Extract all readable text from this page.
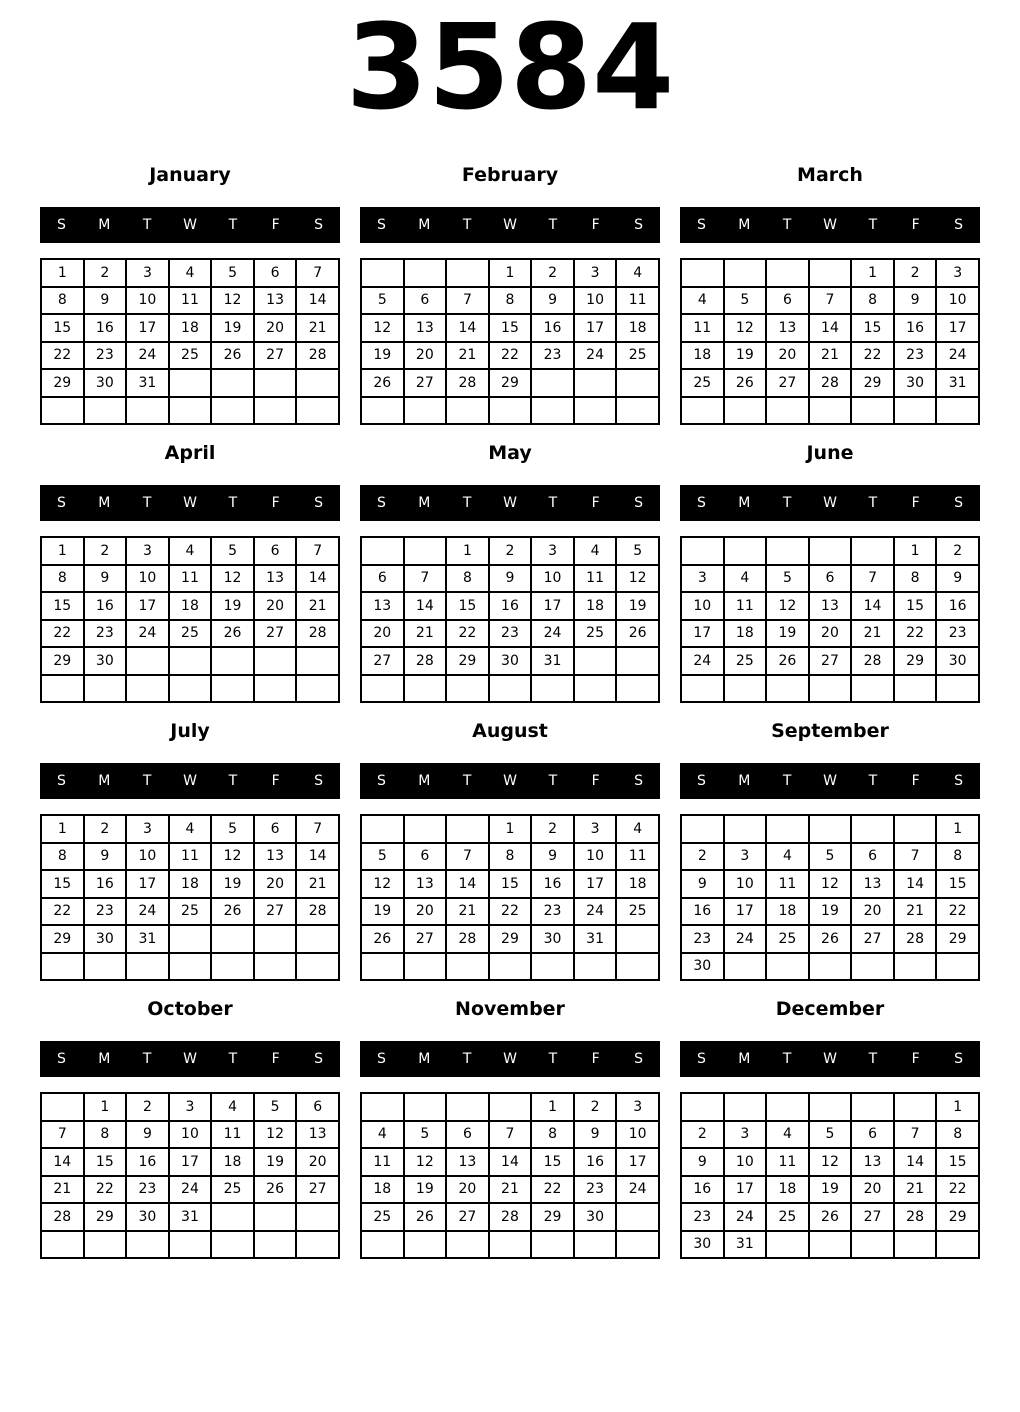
3584
January
S	M	T	W	T	F	S
1	2	3	4	5	6	7
8	9	10	11	12	13	14
15	16	17	18	19	20	21
22	23	24	25	26	27	28
29	30	31				

February
S	M	T	W	T	F	S
			1	2	3	4
5	6	7	8	9	10	11
12	13	14	15	16	17	18
19	20	21	22	23	24	25
26	27	28	29			

March
S	M	T	W	T	F	S
				1	2	3
4	5	6	7	8	9	10
11	12	13	14	15	16	17
18	19	20	21	22	23	24
25	26	27	28	29	30	31

April
S	M	T	W	T	F	S
1	2	3	4	5	6	7
8	9	10	11	12	13	14
15	16	17	18	19	20	21
22	23	24	25	26	27	28
29	30					

May
S	M	T	W	T	F	S
		1	2	3	4	5
6	7	8	9	10	11	12
13	14	15	16	17	18	19
20	21	22	23	24	25	26
27	28	29	30	31		

June
S	M	T	W	T	F	S
					1	2
3	4	5	6	7	8	9
10	11	12	13	14	15	16
17	18	19	20	21	22	23
24	25	26	27	28	29	30

July
S	M	T	W	T	F	S
1	2	3	4	5	6	7
8	9	10	11	12	13	14
15	16	17	18	19	20	21
22	23	24	25	26	27	28
29	30	31				

August
S	M	T	W	T	F	S
			1	2	3	4
5	6	7	8	9	10	11
12	13	14	15	16	17	18
19	20	21	22	23	24	25
26	27	28	29	30	31	

September
S	M	T	W	T	F	S
						1
2	3	4	5	6	7	8
9	10	11	12	13	14	15
16	17	18	19	20	21	22
23	24	25	26	27	28	29
30						
October
S	M	T	W	T	F	S
	1	2	3	4	5	6
7	8	9	10	11	12	13
14	15	16	17	18	19	20
21	22	23	24	25	26	27
28	29	30	31			

November
S	M	T	W	T	F	S
				1	2	3
4	5	6	7	8	9	10
11	12	13	14	15	16	17
18	19	20	21	22	23	24
25	26	27	28	29	30	

December
S	M	T	W	T	F	S
						1
2	3	4	5	6	7	8
9	10	11	12	13	14	15
16	17	18	19	20	21	22
23	24	25	26	27	28	29
30	31					
